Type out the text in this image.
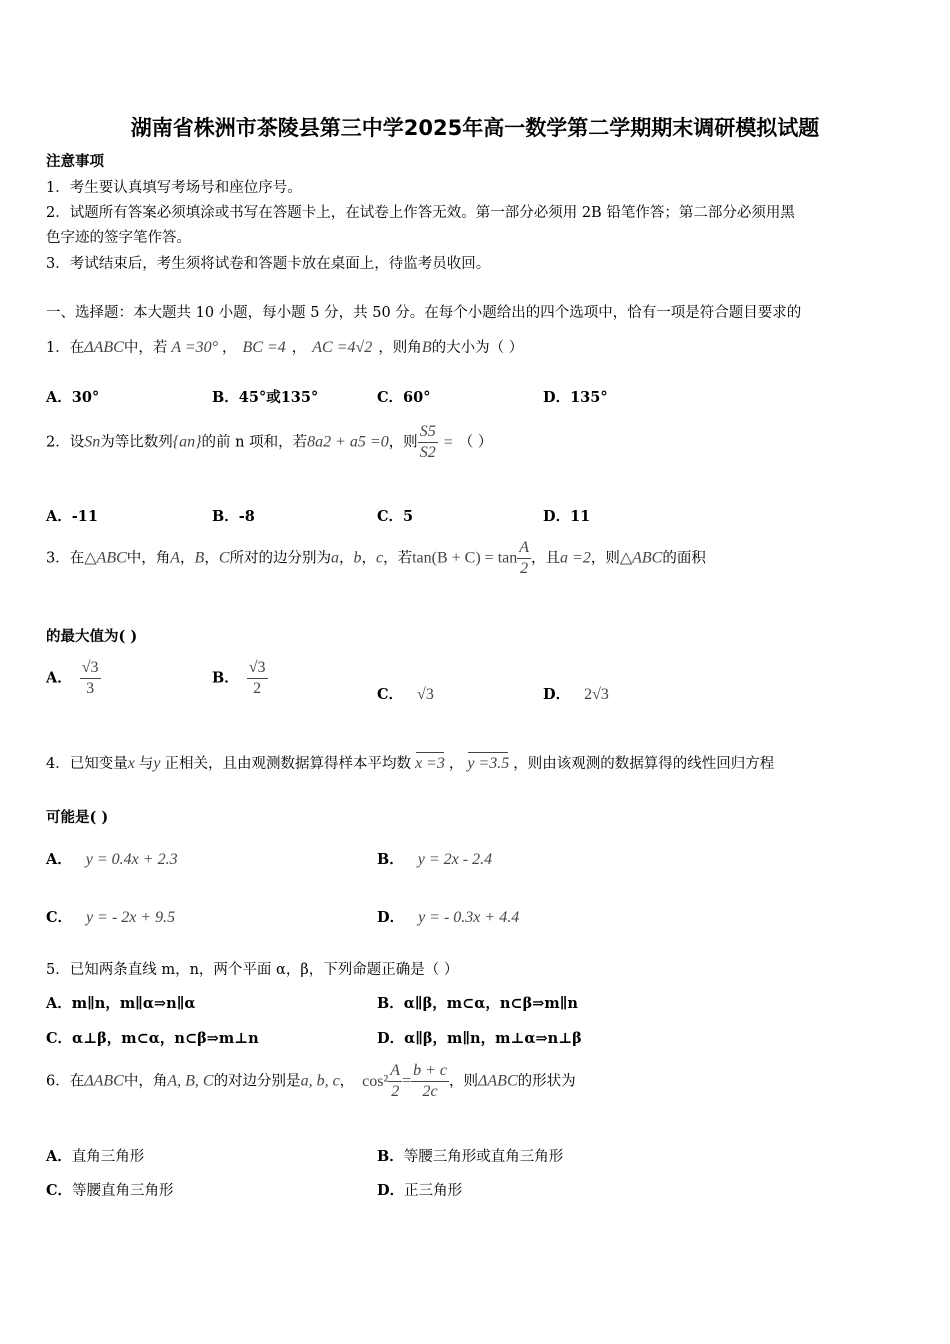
湖南省株洲市茶陵县第三中学2025年高一数学第二学期期末调研模拟试题
注意事项
1．考生要认真填写考场号和座位序号。
2．试题所有答案必须填涂或书写在答题卡上，在试卷上作答无效。第一部分必须用 2B 铅笔作答；第二部分必须用黑
色字迹的签字笔作答。
3．考试结束后，考生须将试卷和答题卡放在桌面上，待监考员收回。
一、选择题：本大题共 10 小题，每小题 5 分，共 50 分。在每个小题给出的四个选项中，恰有一项是符合题目要求的
1．在ΔABC中，若 A =30° ， BC =4 ， AC =4√2 ，则角B的大小为（ ）
A．30°	B．45°或135°	C．60°	D．135°
2．设Sn为等比数列{an}的前 n 项和，若8a2 + a5 =0，则 $\frac{S5}{S2}$ = （ ）
A．-11	B．-8	C．5	D．11
3．在△ABC中，角A，B，C所对的边分别为a，b，c，若$\tan(B + C) = \tan \frac{A}{2}$ ，且a =2，则△ABC的面积
的最大值为( )
A． $\frac{√3}{3}$	B． $\frac{√3}{2}$	C． √3	D． 2√3
4．已知变量x 与y 正相关，且由观测数据算得样本平均数 x =3 ， y =3.5 ，则由该观测的数据算得的线性回归方程
可能是( )
A． y = 0.4x + 2.3	B． y = 2x - 2.4
C． y = - 2x + 9.5	D． y = - 0.3x + 4.4
5．已知两条直线 m，n，两个平面 α，β，下列命题正确是（ ）
A．m∥n，m∥α⇒n∥α	B．α∥β，m⊂α，n⊂β⇒m∥n
C．α⊥β，m⊂α，n⊂β⇒m⊥n	D．α∥β，m∥n，m⊥α⇒n⊥β
6．在ΔABC中，角A, B, C的对边分别是a, b, c， $\cos^2 \frac{A}{2} = \frac{b + c}{2c}$ ，则ΔABC的形状为
A．直角三角形	B．等腰三角形或直角三角形
C．等腰直角三角形	D．正三角形
